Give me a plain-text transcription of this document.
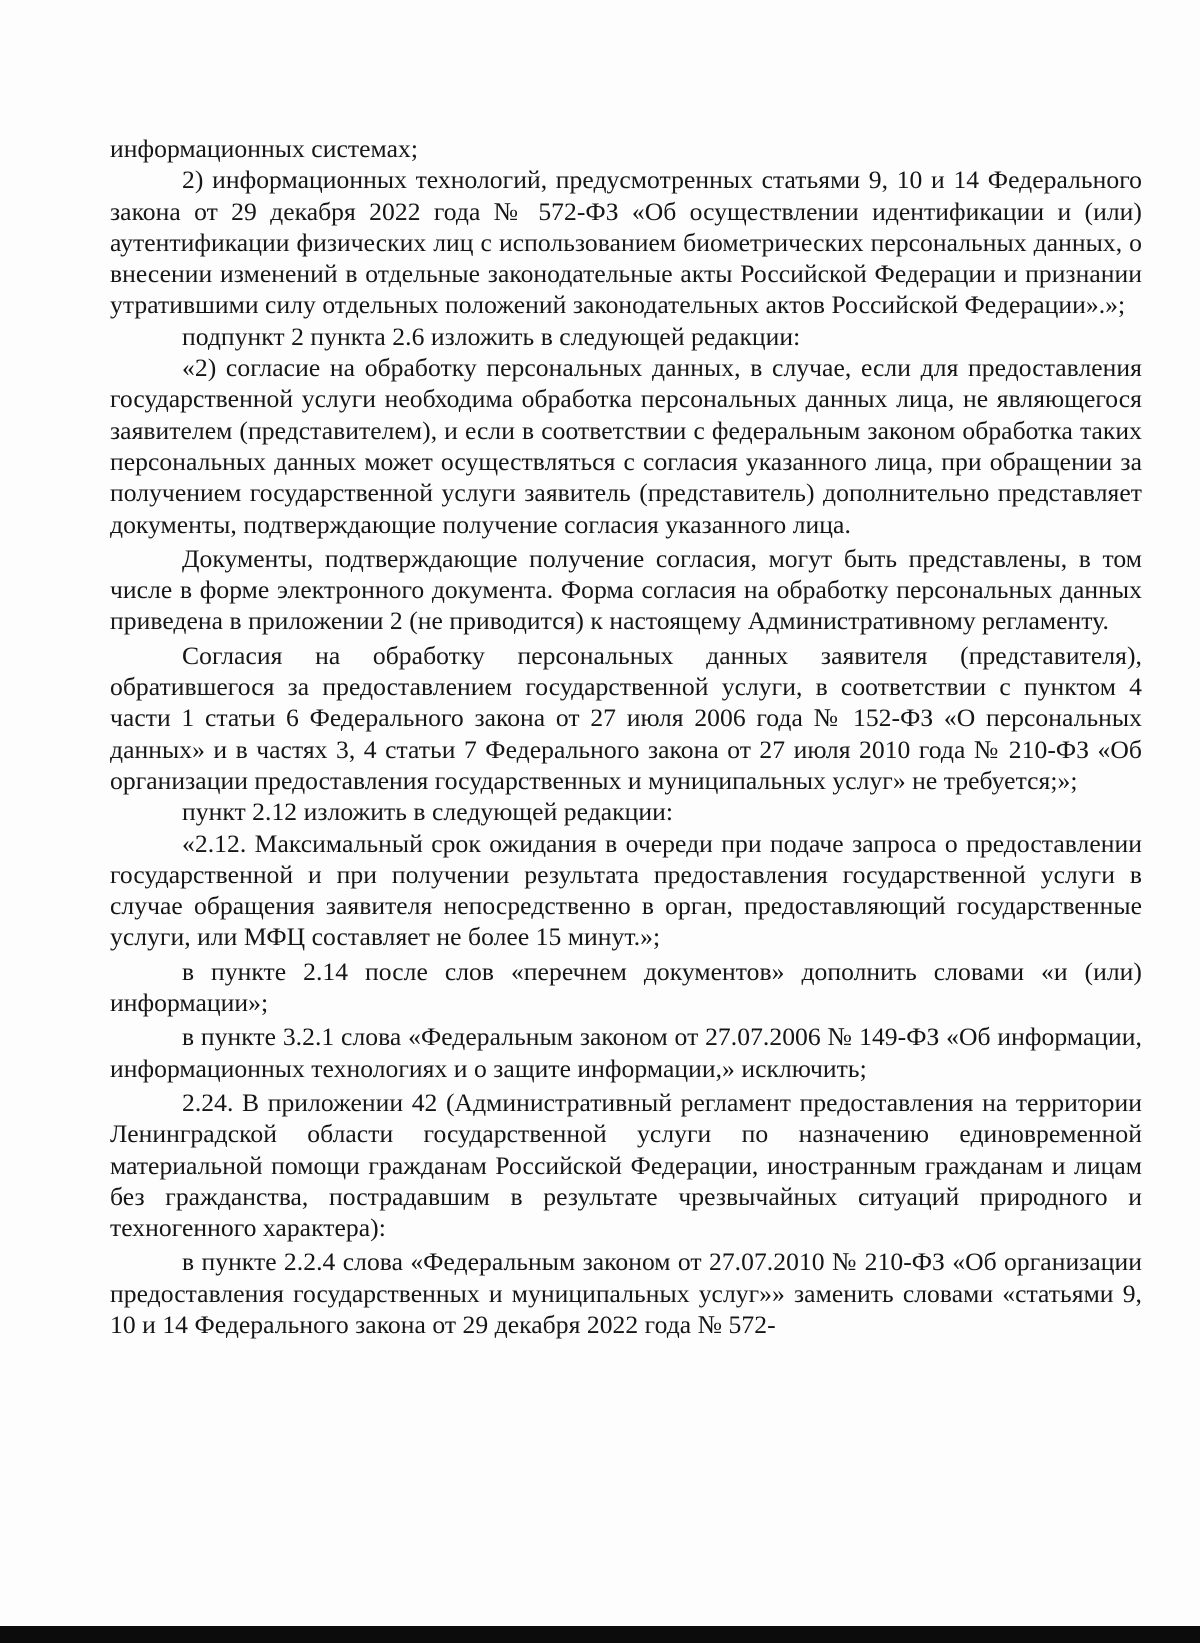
информационных системах;

2) информационных технологий, предусмотренных статьями 9, 10 и 14 Федерального закона от 29 декабря 2022 года № 572-ФЗ «Об осуществлении идентификации и (или) аутентификации физических лиц с использованием биометрических персональных данных, о внесении изменений в отдельные законодательные акты Российской Федерации и признании утратившими силу отдельных положений законодательных актов Российской Федерации».»;

подпункт 2 пункта 2.6 изложить в следующей редакции:

«2) согласие на обработку персональных данных, в случае, если для предоставления государственной услуги необходима обработка персональных данных лица, не являющегося заявителем (представителем), и если в соответствии с федеральным законом обработка таких персональных данных может осуществляться с согласия указанного лица, при обращении за получением государственной услуги заявитель (представитель) дополнительно представляет документы, подтверждающие получение согласия указанного лица.

Документы, подтверждающие получение согласия, могут быть представлены, в том числе в форме электронного документа. Форма согласия на обработку персональных данных приведена в приложении 2 (не приводится) к настоящему Административному регламенту.

Согласия на обработку персональных данных заявителя (представителя), обратившегося за предоставлением государственной услуги, в соответствии с пунктом 4 части 1 статьи 6 Федерального закона от 27 июля 2006 года № 152-ФЗ «О персональных данных» и в частях 3, 4 статьи 7 Федерального закона от 27 июля 2010 года № 210-ФЗ «Об организации предоставления государственных и муниципальных услуг» не требуется;»;

пункт 2.12 изложить в следующей редакции:

«2.12. Максимальный срок ожидания в очереди при подаче запроса о предоставлении государственной и при получении результата предоставления государственной услуги в случае обращения заявителя непосредственно в орган, предоставляющий государственные услуги, или МФЦ составляет не более 15 минут.»;

в пункте 2.14 после слов «перечнем документов» дополнить словами «и (или) информации»;

в пункте 3.2.1 слова «Федеральным законом от 27.07.2006 № 149-ФЗ «Об информации, информационных технологиях и о защите информации,» исключить;

2.24. В приложении 42 (Административный регламент предоставления на территории Ленинградской области государственной услуги по назначению единовременной материальной помощи гражданам Российской Федерации, иностранным гражданам и лицам без гражданства, пострадавшим в результате чрезвычайных ситуаций природного и техногенного характера):

в пункте 2.2.4 слова «Федеральным законом от 27.07.2010 № 210-ФЗ «Об организации предоставления государственных и муниципальных услуг»» заменить словами «статьями 9, 10 и 14 Федерального закона от 29 декабря 2022 года № 572-
